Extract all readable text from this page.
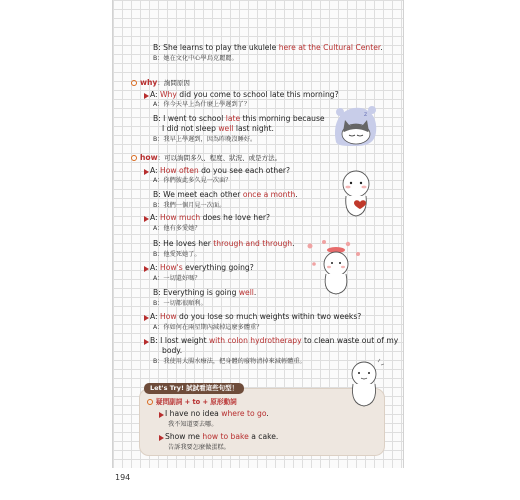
B: She learns to play the ukulele here at the Cultural Center.
B：她在文化中心學烏克麗麗。
why：詢問原因
A: Why did you come to school late this morning?
A：你今天早上為什麼上學遲到了？
B: I went to school late this morning because
I did not sleep well last night.
B：我早上學遲到，因為昨晚沒睡好。
z
how：可以詢問多久、程度、狀況、或是方法。
A: How often do you see each other?
A：你們彼此多久見一次面？
B: We meet each other once a month.
B：我們一個月見一次面。
A: How much does he love her?
A：他有多愛她？
B: He loves her through and through.
B：他愛死她了。
A: How's everything going?
A：一切還好嗎？
B: Everything is going well.
B：一切都很順利。
A: How do you lose so much weights within two weeks?
A：你如何在兩星期內減掉這麼多體重？
B: I lost weight with colon hydrotherapy to clean waste out of my
body.
B：我使用大腸水療法，把身體的廢物清掉來減輕體重。
Let's Try! 試試看這些句型！
疑問副詞 + to + 原形動詞
I have no idea where to go.
我不知道要去哪。
Show me how to bake a cake.
告訴我要怎麼做蛋糕。
194
